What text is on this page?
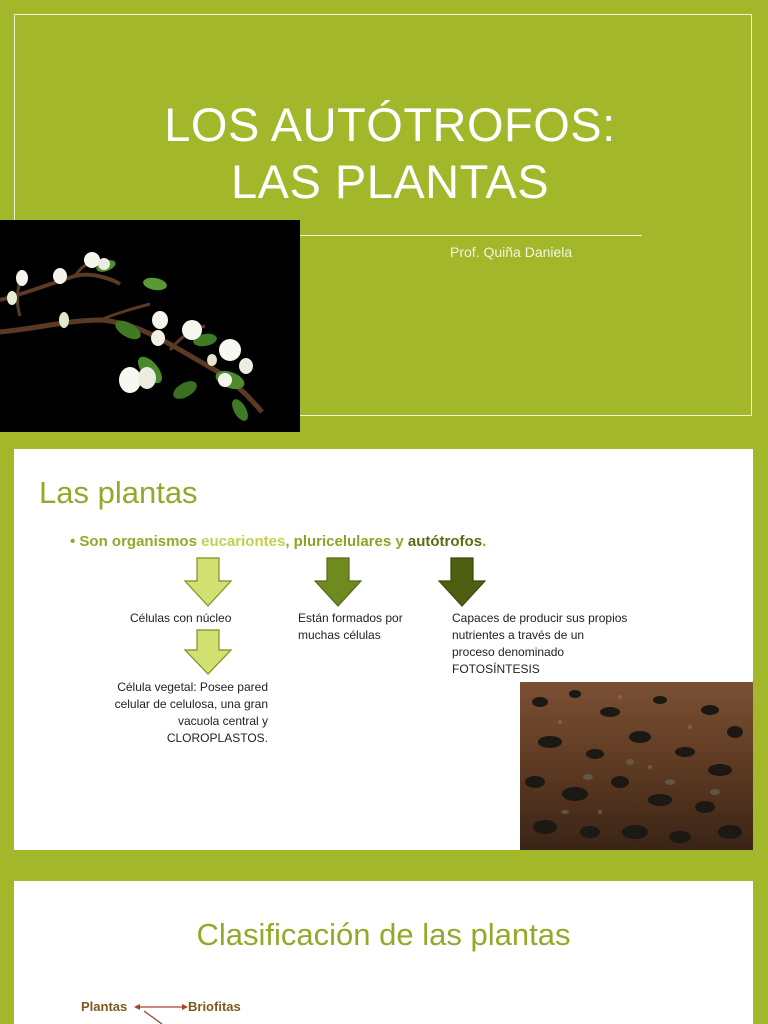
LOS AUTÓTROFOS:
LAS PLANTAS
Prof. Quiña Daniela
Las plantas
• Son organismos eucariontes, pluricelulares y autótrofos.
Células con núcleo	Están formados por
muchas células
Capaces de producir sus propios
nutrientes a través de un
proceso denominado
FOTOSÍNTESIS
Célula vegetal: Posee pared
celular de celulosa, una gran
vacuola central y
CLOROPLASTOS.
Clasificación de las plantas
Plantas	Briofitas
